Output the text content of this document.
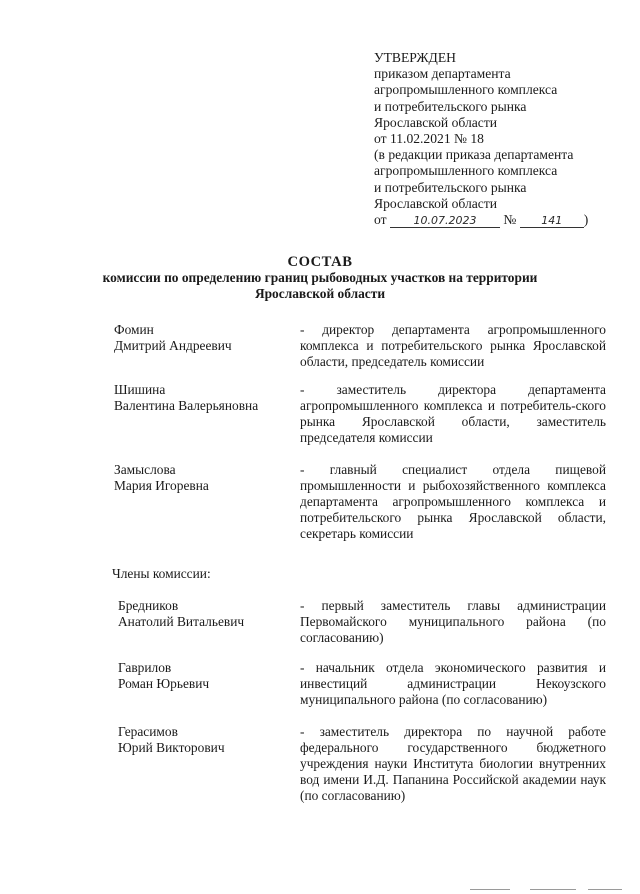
УТВЕРЖДЕН
приказом департамента
агропромышленного комплекса
и потребительского рынка
Ярославской области
от 11.02.2021 № 18
(в редакции приказа департамента
агропромышленного комплекса
и потребительского рынка
Ярославской области
от 10.07.2023 № 141 )
СОСТАВ
комиссии по определению границ рыбоводных участков на территории Ярославской области
Фомин
Дмитрий Андреевич
- директор департамента агропромышленного комплекса и потребительского рынка Ярославской области, председатель комиссии
Шишина
Валентина Валерьяновна
- заместитель директора департамента агропромышленного комплекса и потребитель-ского рынка Ярославской области, заместитель председателя комиссии
Замыслова
Мария Игоревна
- главный специалист отдела пищевой промышленности и рыбохозяйственного комплекса департамента агропромышленного комплекса и потребительского рынка Ярославской области, секретарь комиссии
Члены комиссии:
Бредников
Анатолий Витальевич
- первый заместитель главы администрации Первомайского муниципального района (по согласованию)
Гаврилов
Роман Юрьевич
- начальник отдела экономического развития и инвестиций администрации Некоузского муниципального района (по согласованию)
Герасимов
Юрий Викторович
- заместитель директора по научной работе федерального государственного бюджетного учреждения науки Института биологии внутренних вод имени И.Д. Папанина Российской академии наук (по согласованию)
